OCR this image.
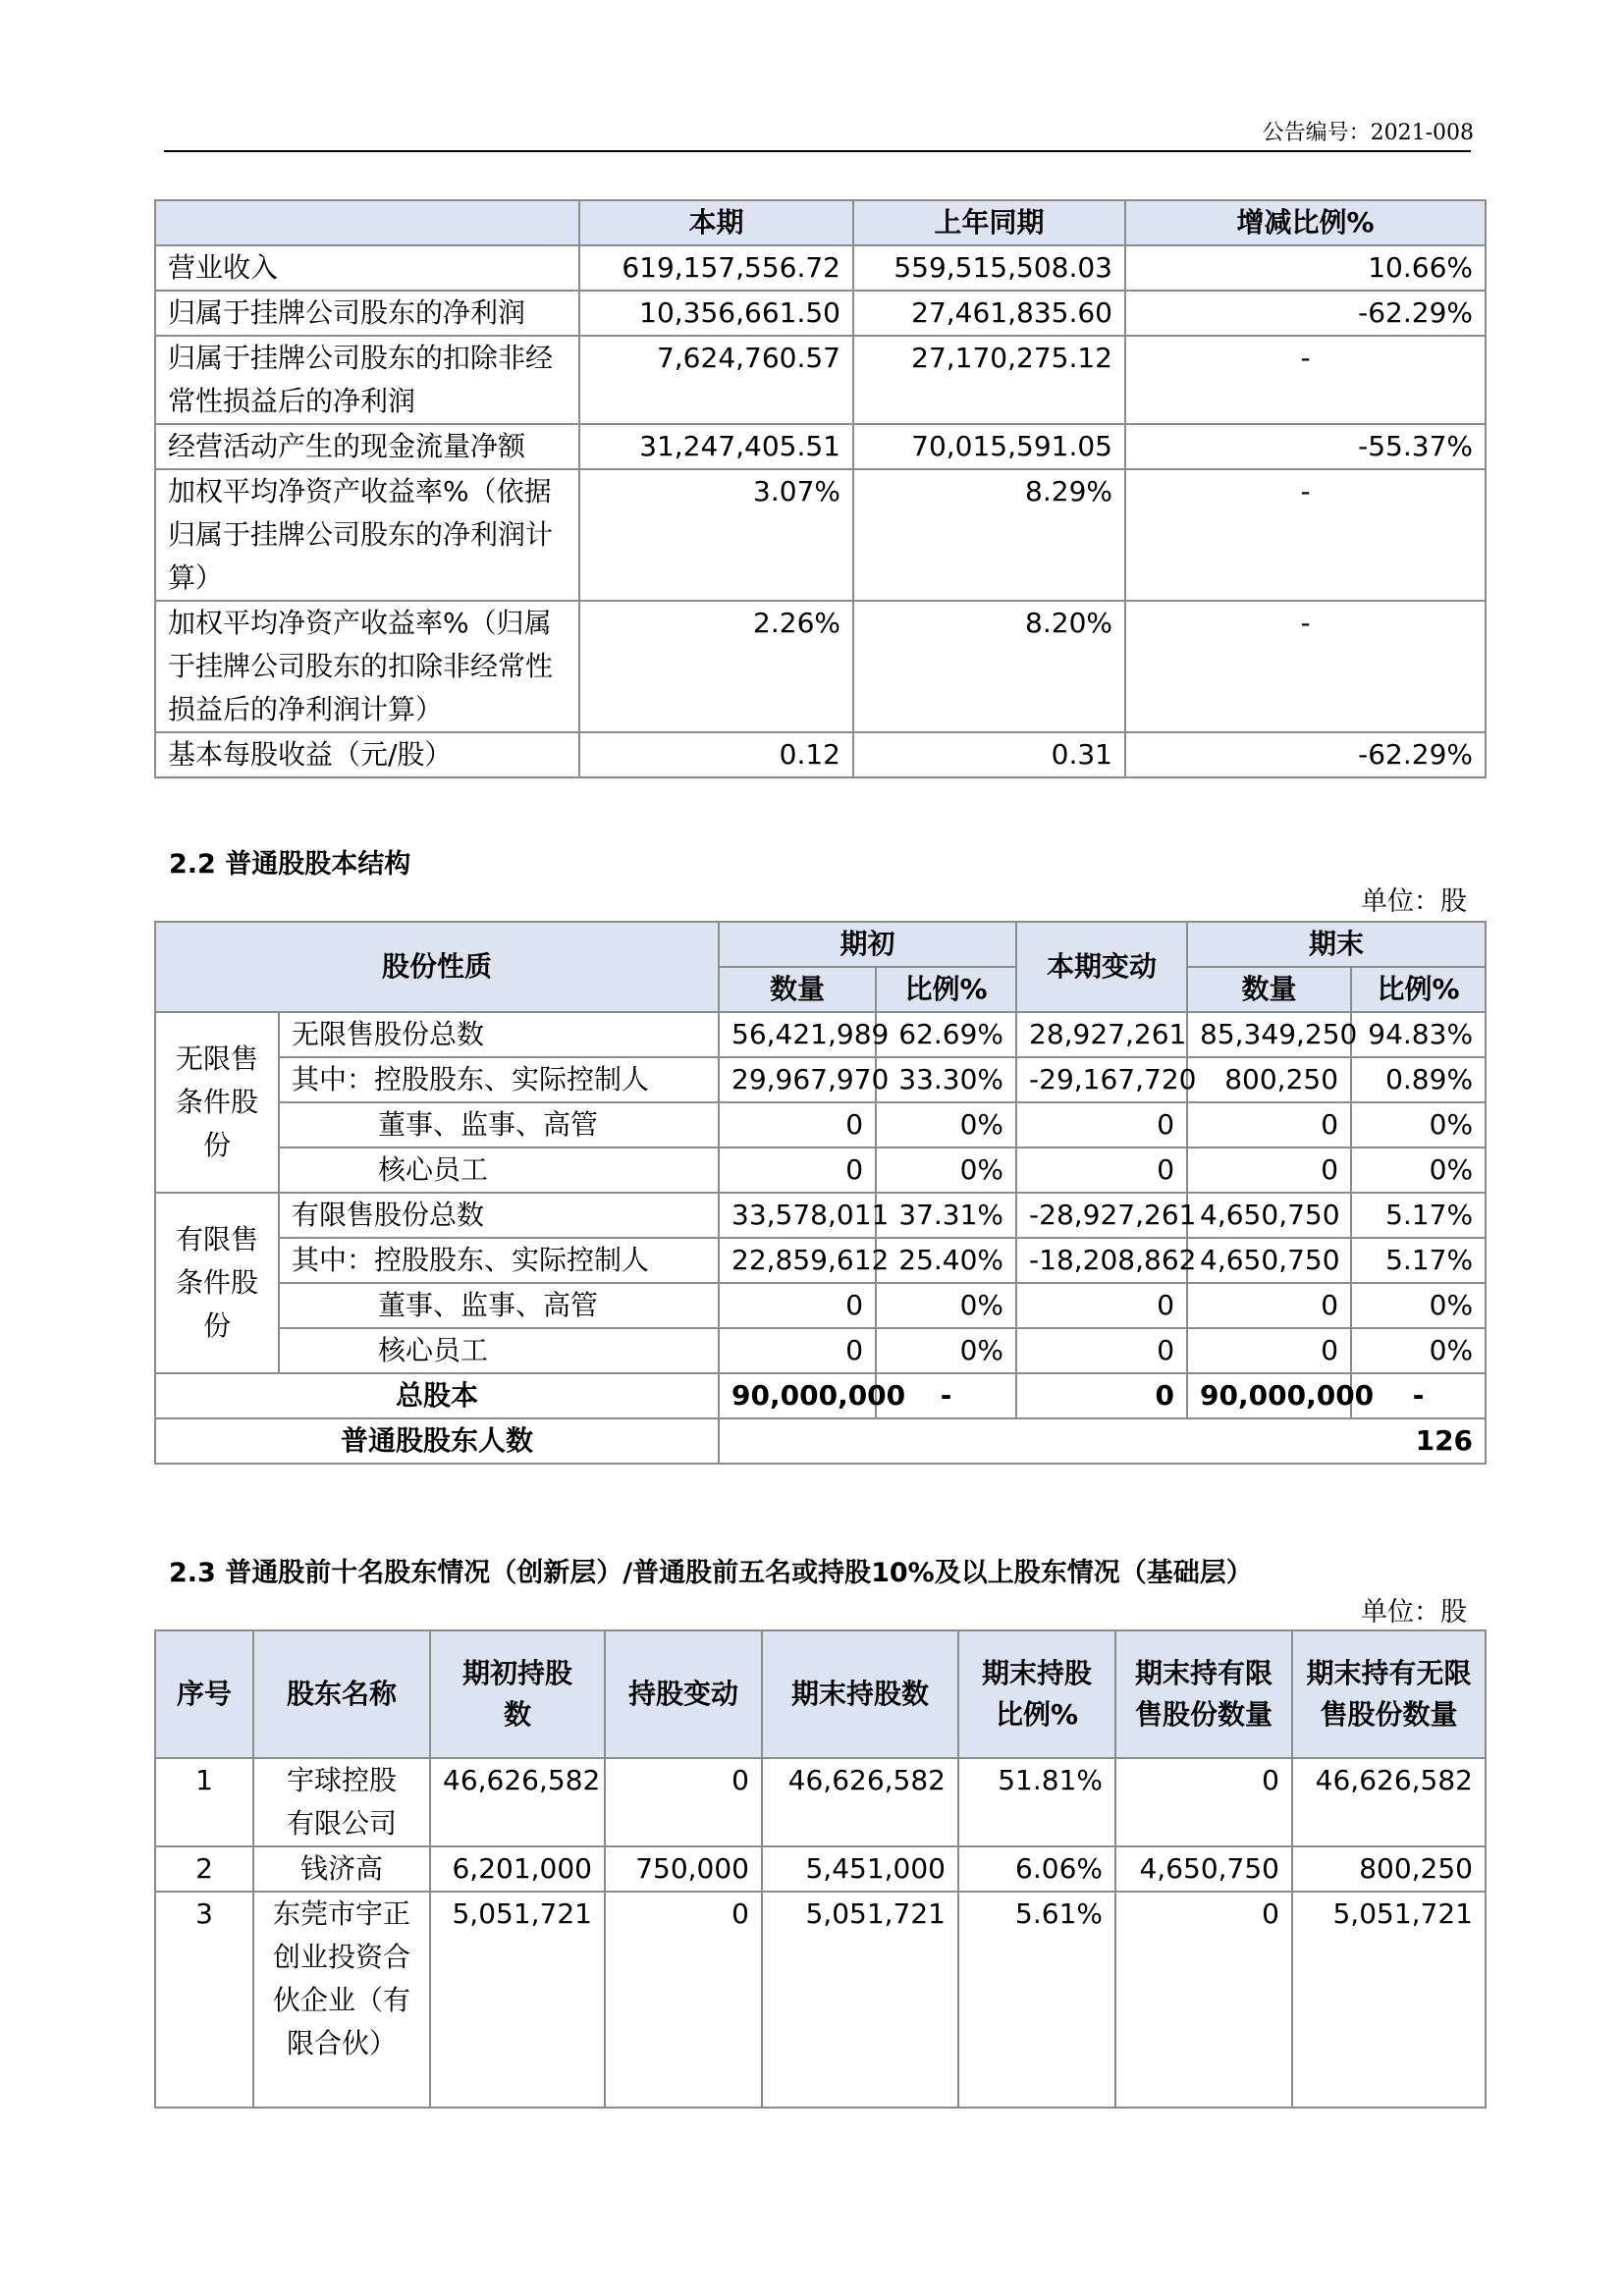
公告编号：2021-008
	本期	上年同期	增减比例%
营业收入	619,157,556.72	559,515,508.03	10.66%
归属于挂牌公司股东的净利润	10,356,661.50	27,461,835.60	-62.29%
归属于挂牌公司股东的扣除非经常性损益后的净利润	7,624,760.57	27,170,275.12	-
经营活动产生的现金流量净额	31,247,405.51	70,015,591.05	-55.37%
加权平均净资产收益率%（依据归属于挂牌公司股东的净利润计算）	3.07%	8.29%	-
加权平均净资产收益率%（归属于挂牌公司股东的扣除非经常性损益后的净利润计算）	2.26%	8.20%	-
基本每股收益（元/股）	0.12	0.31	-62.29%
2.2 普通股股本结构
单位：股
股份性质		期初		本期变动	期末	
		数量	比例%		数量	比例%
无限售条件股份	无限售股份总数	56,421,989	62.69%	28,927,261	85,349,250	94.83%
	其中：控股股东、实际控制人	29,967,970	33.30%	-29,167,720	800,250	0.89%
	董事、监事、高管	0	0%	0	0	0%
	核心员工	0	0%	0	0	0%
有限售条件股份	有限售股份总数	33,578,011	37.31%	-28,927,261	4,650,750	5.17%
	其中：控股股东、实际控制人	22,859,612	25.40%	-18,208,862	4,650,750	5.17%
	董事、监事、高管	0	0%	0	0	0%
	核心员工	0	0%	0	0	0%
总股本		90,000,000	-	0	90,000,000	-
普通股股东人数		126				
2.3 普通股前十名股东情况（创新层）/普通股前五名或持股10%及以上股东情况（基础层）
单位：股
序号	股东名称	期初持股数	持股变动	期末持股数	期末持股比例%	期末持有限售股份数量	期末持有无限售股份数量
1	宇球控股有限公司	46,626,582	0	46,626,582	51.81%	0	46,626,582
2	钱济高	6,201,000	750,000	5,451,000	6.06%	4,650,750	800,250
3	东莞市宇正创业投资合伙企业（有限合伙）	5,051,721	0	5,051,721	5.61%	0	5,051,721
